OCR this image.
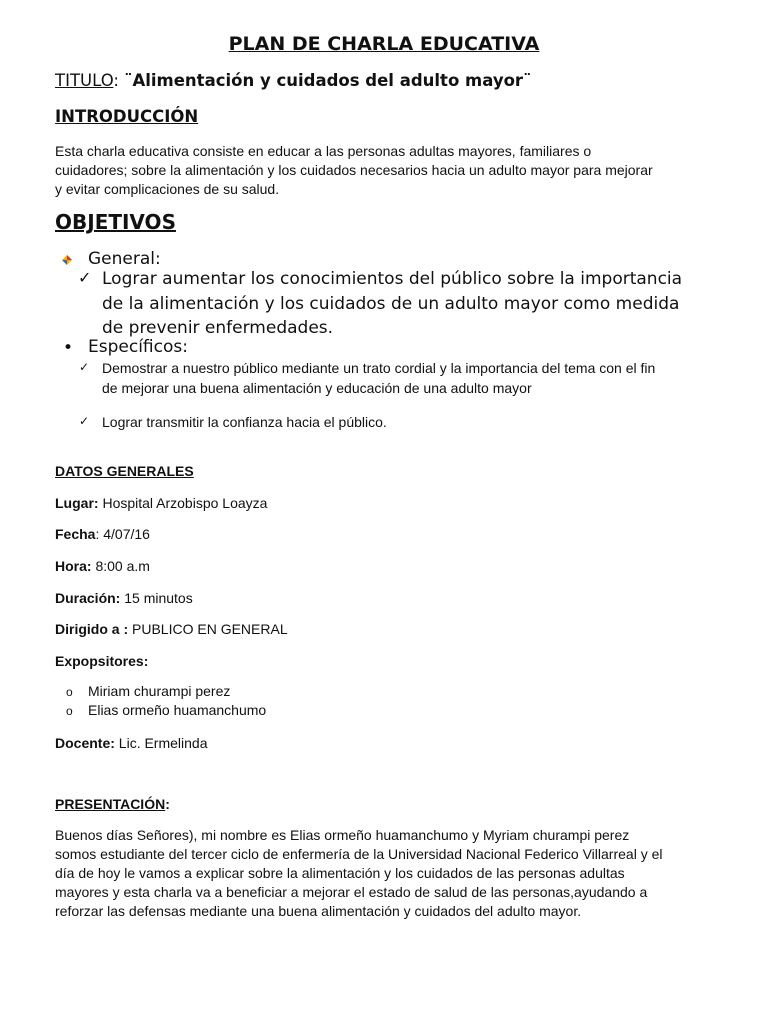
PLAN DE CHARLA EDUCATIVA
TITULO: ¨Alimentación y cuidados del adulto mayor¨
INTRODUCCIÓN
Esta charla educativa consiste en educar a las personas adultas mayores, familiares o
cuidadores; sobre la alimentación y los cuidados necesarios hacia un adulto mayor para mejorar
y evitar complicaciones de su salud.
OBJETIVOS
General:
✓ Lograr aumentar los conocimientos del público sobre la importancia
de la alimentación y los cuidados de un adulto mayor como medida
de prevenir enfermedades.
• Específicos:
✓ Demostrar a nuestro público mediante un trato cordial y la importancia del tema con el fin
de mejorar una buena alimentación y educación de una adulto mayor
✓ Lograr transmitir la confianza hacia el público.
DATOS GENERALES
Lugar: Hospital Arzobispo Loayza
Fecha: 4/07/16
Hora: 8:00 a.m
Duración: 15 minutos
Dirigido a : PUBLICO EN GENERAL
Expopsitores:
o Miriam churampi perez
o Elias ormeño huamanchumo
Docente: Lic. Ermelinda
PRESENTACIÓN:
Buenos días Señores), mi nombre es Elias ormeño huamanchumo y Myriam churampi perez
somos estudiante del tercer ciclo de enfermería de la Universidad Nacional Federico Villarreal y el
día de hoy le vamos a explicar sobre la alimentación y los cuidados de las personas adultas
mayores y esta charla va a beneficiar a mejorar el estado de salud de las personas,ayudando a
reforzar las defensas mediante una buena alimentación y cuidados del adulto mayor.
